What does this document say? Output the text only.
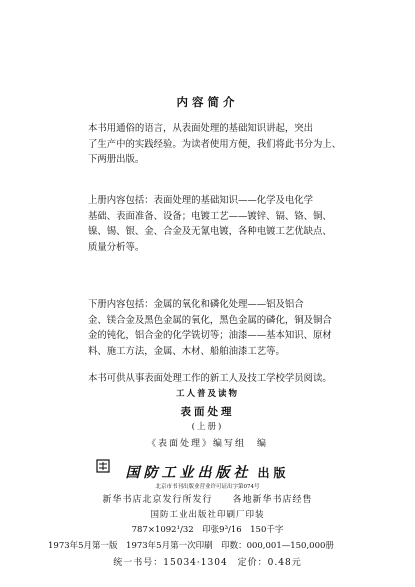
内容简介
本书用通俗的语言，从表面处理的基础知识讲起，突出
了生产中的实践经验。为读者使用方便，我们将此书分为上、
下两册出版。
上册内容包括：表面处理的基础知识——化学及电化学
基础、表面准备、设备；电镀工艺——镀锌、镉、铬、铜、
镍、锡、银、金、合金及无氰电镀，各种电镀工艺优缺点、
质量分析等。
下册内容包括：金属的氧化和磷化处理——铝及铝合
金、镁合金及黑色金属的氧化，黑色金属的磷化，铜及铜合
金的钝化，铝合金的化学铣切等；油漆——基本知识、原材
料、施工方法，金属、木材、船舶油漆工艺等。
本书可供从事表面处理工作的新工人及技工学校学员阅读。
工人普及读物
表面处理
(上册)
《表面处理》编写组　编
国防工业出版社 出版
北京市书刊出版业营业许可证出字第074号
新华书店北京发行所发行　　各地新华书店经售
国防工业出版社印刷厂印装
787×1092¹/32　印张9³/16　150千字
1973年5月第一版　1973年5月第一次印刷　印数：000,001—150,000册
统一书号：15034·1304　定价：0.48元
